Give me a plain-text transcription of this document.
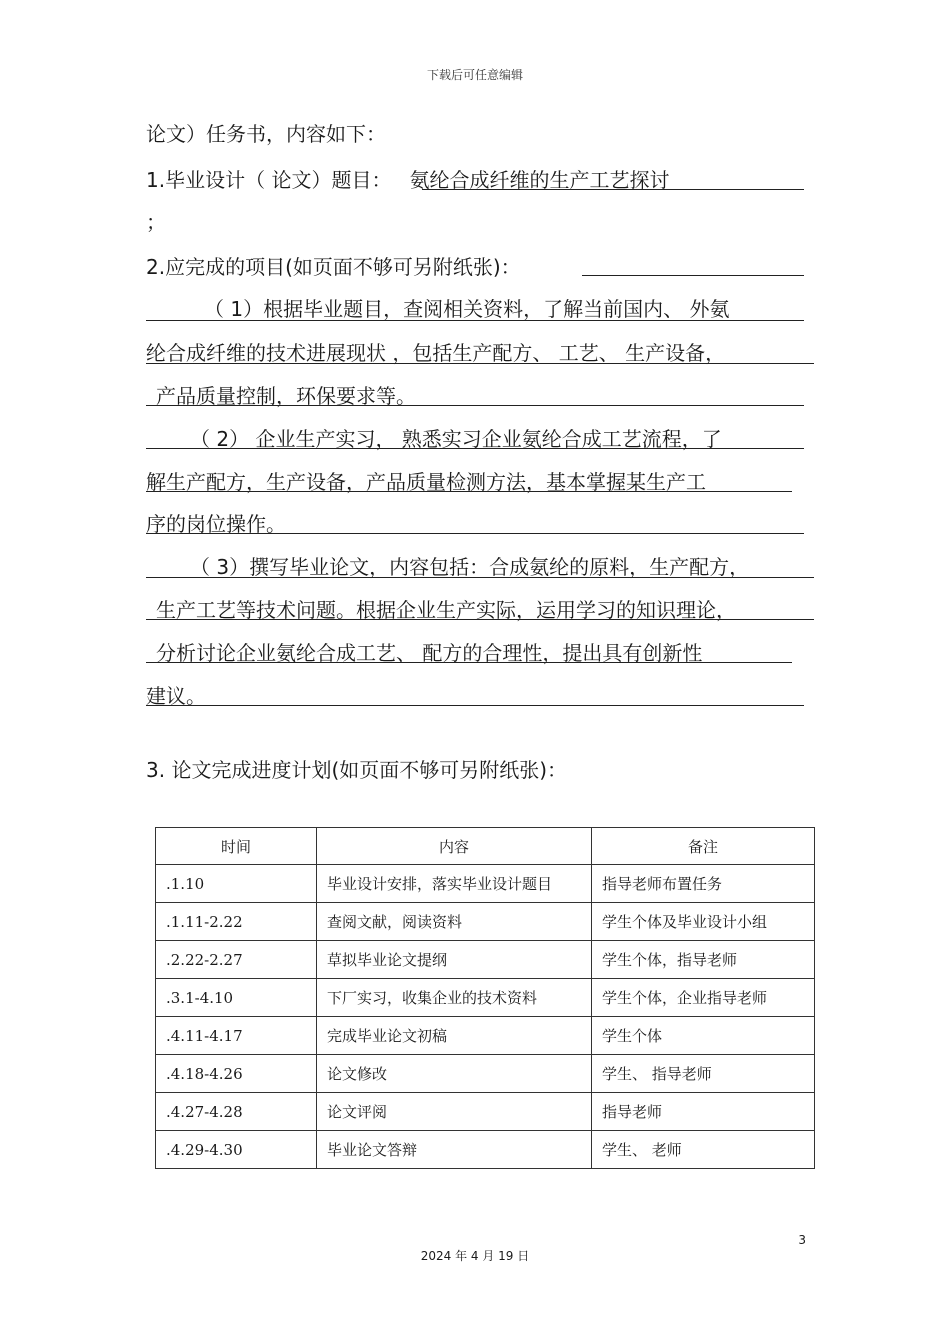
下载后可任意编辑
论文）任务书，内容如下：
1.毕业设计（ 论文）题目： 氨纶合成纤维的生产工艺探讨
；
2.应完成的项目(如页面不够可另附纸张)：
（ 1）根据毕业题目，查阅相关资料，了解当前国内、 外氨
纶合成纤维的技术进展现状 ，包括生产配方、 工艺、 生产设备，
产品质量控制，环保要求等。
（ 2） 企业生产实习， 熟悉实习企业氨纶合成工艺流程，了
解生产配方，生产设备，产品质量检测方法，基本掌握某生产工
序的岗位操作。
（ 3）撰写毕业论文，内容包括：合成氨纶的原料，生产配方，
生产工艺等技术问题。根据企业生产实际，运用学习的知识理论，
分析讨论企业氨纶合成工艺、 配方的合理性，提出具有创新性
建议。
3. 论文完成进度计划(如页面不够可另附纸张)：
时间	内容	备注
.1.10	毕业设计安排，落实毕业设计题目	指导老师布置任务
.1.11-2.22	查阅文献，阅读资料	学生个体及毕业设计小组
.2.22-2.27	草拟毕业论文提纲	学生个体，指导老师
.3.1-4.10	下厂实习，收集企业的技术资料	学生个体，企业指导老师
.4.11-4.17	完成毕业论文初稿	学生个体
.4.18-4.26	论文修改	学生、 指导老师
.4.27-4.28	论文评阅	指导老师
.4.29-4.30	毕业论文答辩	学生、 老师
3
2024 年 4 月 19 日
